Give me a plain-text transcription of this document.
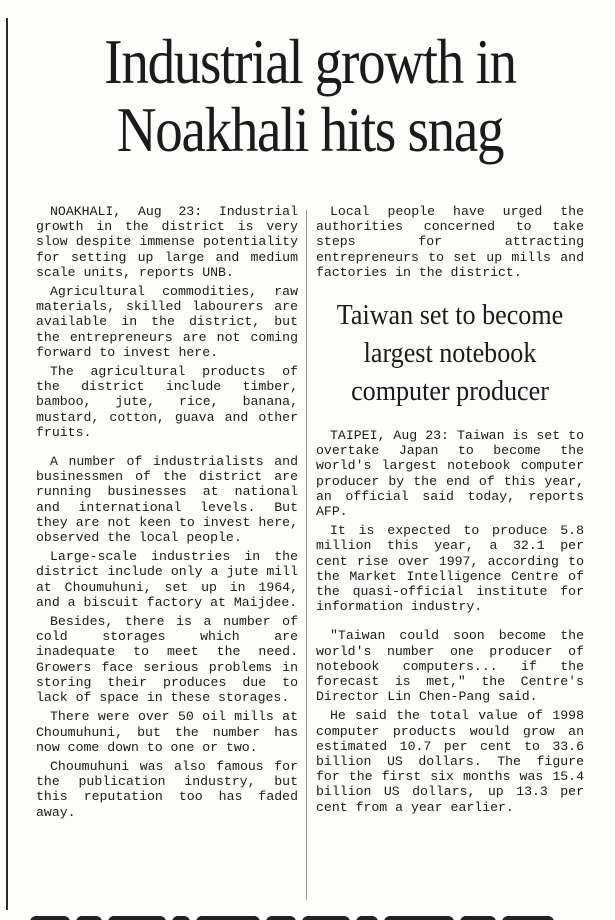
Industrial growth in
Noakhali hits snag

NOAKHALI, Aug 23: Industrial growth in the district is very slow despite immense potentiality for setting up large and medium scale units, reports UNB.

Agricultural commodities, raw materials, skilled labourers are available in the district, but the entrepreneurs are not coming forward to invest here.

The agricultural products of the district include timber, bamboo, jute, rice, banana, mustard, cotton, guava and other fruits.

A number of industrialists and businessmen of the district are running businesses at national and international levels. But they are not keen to invest here, observed the local people.

Large-scale industries in the district include only a jute mill at Choumuhuni, set up in 1964, and a biscuit factory at Maijdee.

Besides, there is a number of cold storages which are inadequate to meet the need. Growers face serious problems in storing their produces due to lack of space in these storages.

There were over 50 oil mills at Choumuhuni, but the number has now come down to one or two.

Choumuhuni was also famous for the publication industry, but this reputation too has faded away.

Local people have urged the authorities concerned to take steps for attracting entrepreneurs to set up mills and factories in the district.

Taiwan set to become largest notebook computer producer

TAIPEI, Aug 23: Taiwan is set to overtake Japan to become the world's largest notebook computer producer by the end of this year, an official said today, reports AFP.

It is expected to produce 5.8 million this year, a 32.1 per cent rise over 1997, according to the Market Intelligence Centre of the quasi-official institute for information industry.

"Taiwan could soon become the world's number one producer of notebook computers... if the forecast is met," the Centre's Director Lin Chen-Pang said.

He said the total value of 1998 computer products would grow an estimated 10.7 per cent to 33.6 billion US dollars. The figure for the first six months was 15.4 billion US dollars, up 13.3 per cent from a year earlier.
